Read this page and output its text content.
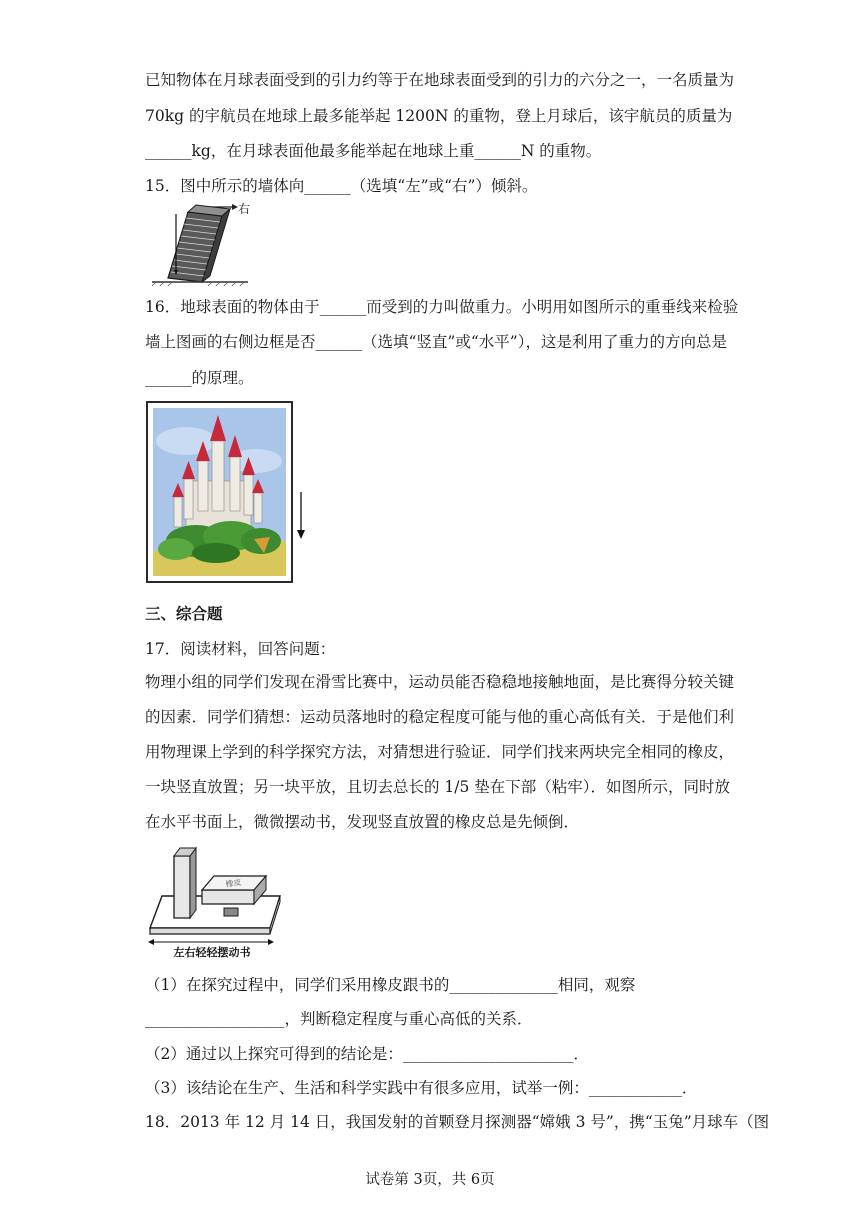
已知物体在月球表面受到的引力约等于在地球表面受到的引力的六分之一，一名质量为
70kg 的宇航员在地球上最多能举起 1200N 的重物，登上月球后，该宇航员的质量为
______kg，在月球表面他最多能举起在地球上重______N 的重物。
15．图中所示的墙体向______（选填“左”或“右”）倾斜。
右
16．地球表面的物体由于______而受到的力叫做重力。小明用如图所示的重垂线来检验
墙上图画的右侧边框是否______（选填“竖直”或“水平”），这是利用了重力的方向总是
______的原理。
三、综合题
17．阅读材料，回答问题：
物理小组的同学们发现在滑雪比赛中，运动员能否稳稳地接触地面，是比赛得分较关键
的因素．同学们猜想：运动员落地时的稳定程度可能与他的重心高低有关．于是他们利
用物理课上学到的科学探究方法，对猜想进行验证．同学们找来两块完全相同的橡皮，
一块竖直放置；另一块平放，且切去总长的 1/5 垫在下部（粘牢）．如图所示，同时放
在水平书面上，微微摆动书，发现竖直放置的橡皮总是先倾倒．
橡皮
左右轻轻摆动书
（1）在探究过程中，同学们采用橡皮跟书的______________相同，观察
__________________，判断稳定程度与重心高低的关系．
（2）通过以上探究可得到的结论是：______________________．
（3）该结论在生产、生活和科学实践中有很多应用，试举一例：____________．
18．2013 年 12 月 14 日，我国发射的首颗登月探测器“嫦娥 3 号”，携“玉兔”月球车（图
试卷第 3页，共 6页
